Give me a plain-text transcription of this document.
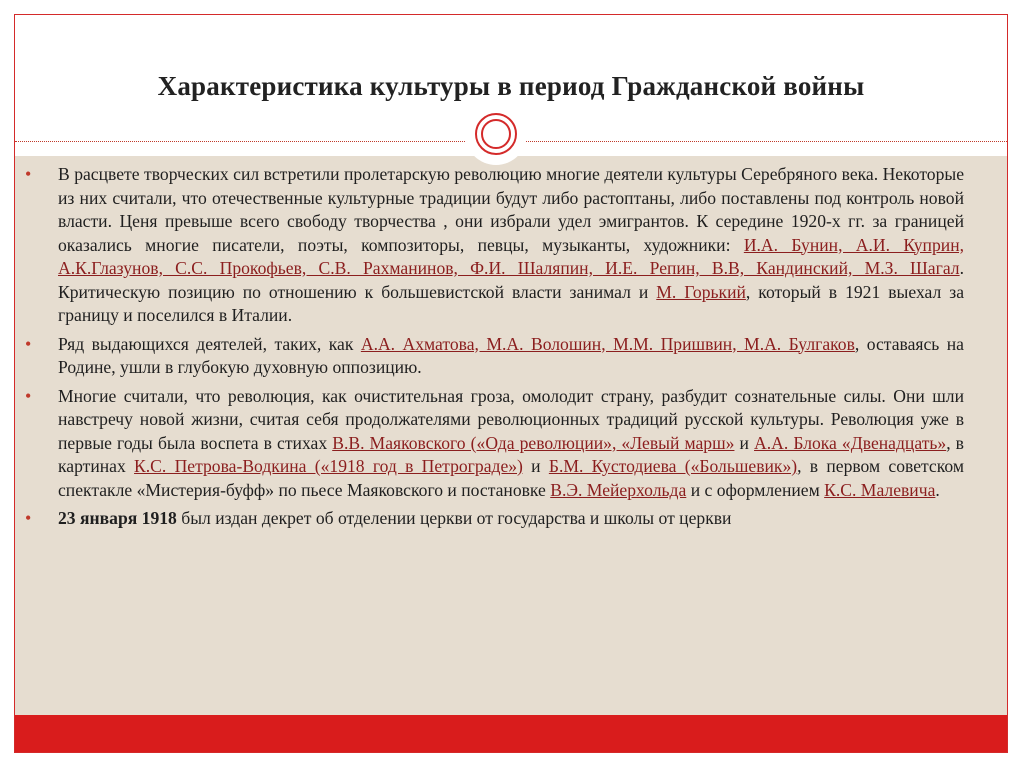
Характеристика культуры в период Гражданской войны
• В расцвете творческих сил встретили пролетарскую революцию многие деятели культуры Серебряного века. Некоторые из них считали, что отечественные культурные традиции будут либо растоптаны, либо поставлены под контроль новой власти. Ценя превыше всего свободу творчества , они избрали удел эмигрантов. К середине 1920-х гг. за границей оказались многие писатели, поэты, композиторы, певцы, музыканты, художники: И.А. Бунин, А.И. Куприн, А.К.Глазунов, С.С. Прокофьев, С.В. Рахманинов, Ф.И. Шаляпин, И.Е. Репин, В.В, Кандинский, М.З. Шагал. Критическую позицию по отношению к большевистской власти занимал и М. Горький, который в 1921 выехал за границу и поселился в Италии.
• Ряд выдающихся деятелей, таких, как А.А. Ахматова, М.А. Волошин, М.М. Пришвин, М.А. Булгаков, оставаясь на Родине, ушли в глубокую духовную оппозицию.
• Многие считали, что революция, как очистительная гроза, омолодит страну, разбудит сознательные силы. Они шли навстречу новой жизни, считая себя продолжателями революционных традиций русской культуры. Революция уже в первые годы была воспета в стихах В.В. Маяковского («Ода революции», «Левый марш» и А.А. Блока «Двенадцать», в картинах К.С. Петрова-Водкина («1918 год в Петрограде») и Б.М. Кустодиева («Большевик»), в первом советском спектакле «Мистерия-буфф» по пьесе Маяковского и постановке В.Э. Мейерхольда и с оформлением К.С. Малевича.
• 23 января 1918 был издан декрет об отделении церкви от государства и школы от церкви
